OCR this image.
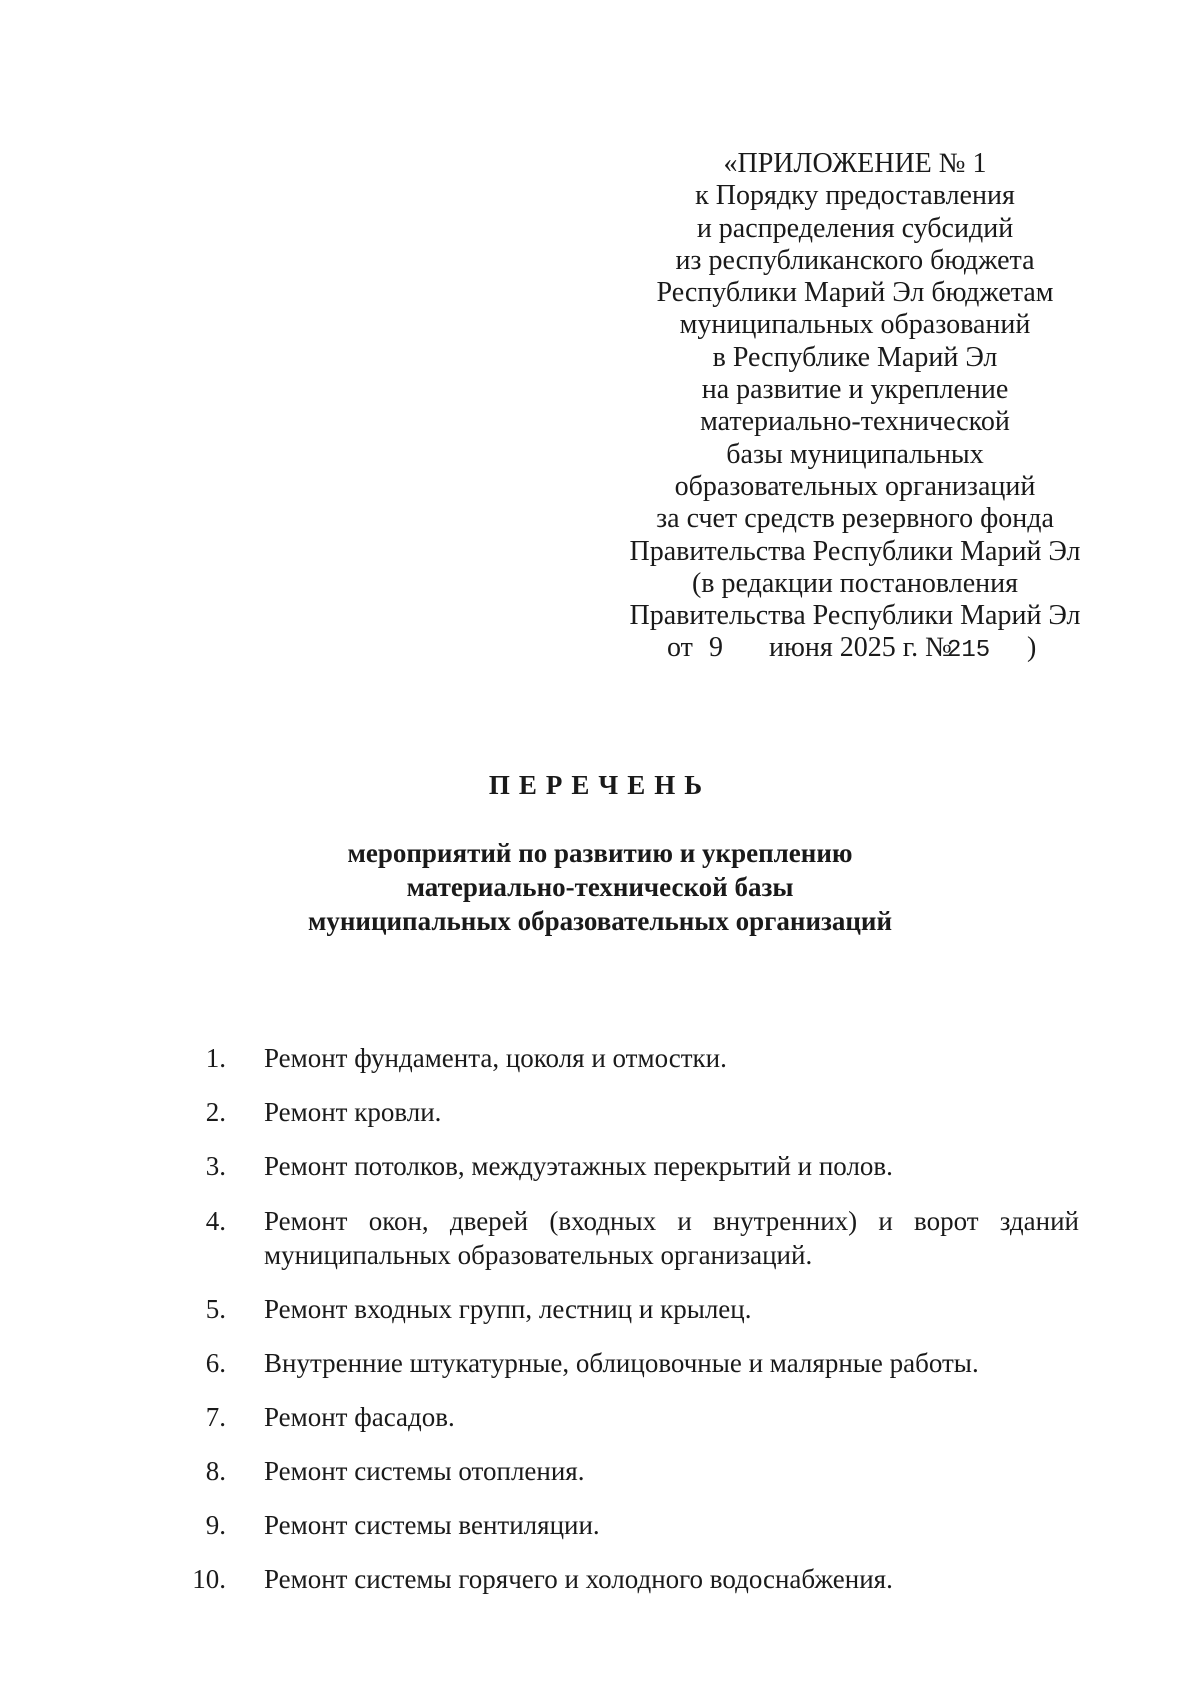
«ПРИЛОЖЕНИЕ № 1
к Порядку предоставления
и распределения субсидий
из республиканского бюджета
Республики Марий Эл бюджетам
муниципальных образований
в Республике Марий Эл
на развитие и укрепление
материально-технической
базы муниципальных
образовательных организаций
за счет средств резервного фонда
Правительства Республики Марий Эл
(в редакции постановления
Правительства Республики Марий Эл
от 9 июня 2025 г. №
215 )
ПЕРЕЧЕНЬ
мероприятий по развитию и укреплению
материально-технической базы
муниципальных образовательных организаций
1. Ремонт фундамента, цоколя и отмостки.
2. Ремонт кровли.
3. Ремонт потолков, междуэтажных перекрытий и полов.
4. Ремонт окон, дверей (входных и внутренних) и ворот зданий муниципальных образовательных организаций.
5. Ремонт входных групп, лестниц и крылец.
6. Внутренние штукатурные, облицовочные и малярные работы.
7. Ремонт фасадов.
8. Ремонт системы отопления.
9. Ремонт системы вентиляции.
10. Ремонт системы горячего и холодного водоснабжения.
